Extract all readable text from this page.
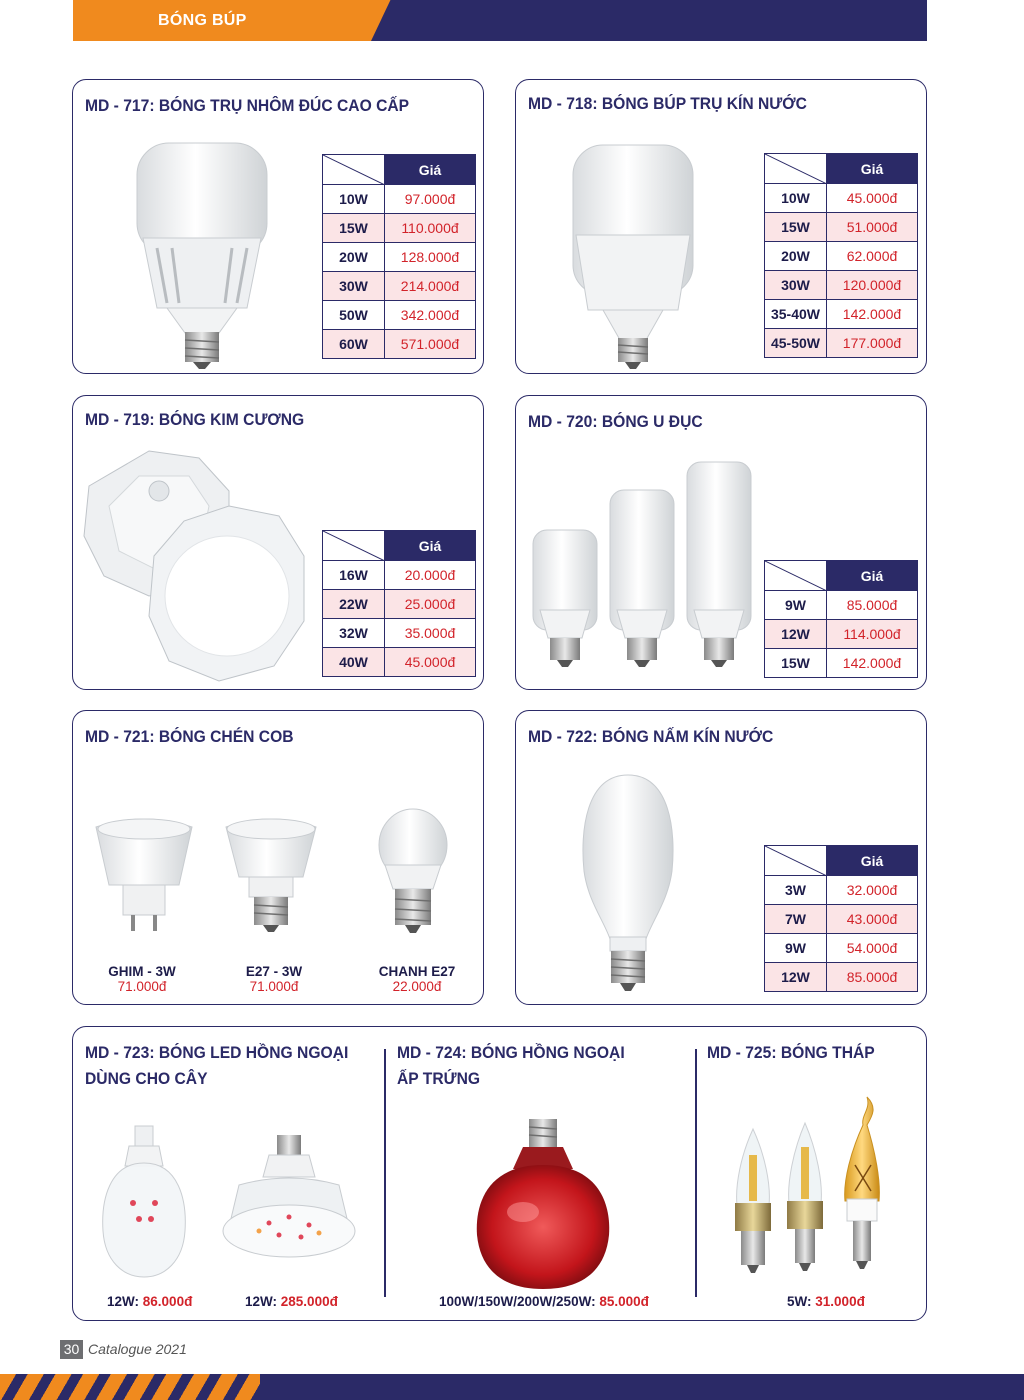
BÓNG BÚP
MD - 717: BÓNG TRỤ NHÔM ĐÚC CAO CẤP
	Giá
10W	97.000đ
15W	110.000đ
20W	128.000đ
30W	214.000đ
50W	342.000đ
60W	571.000đ
MD - 718: BÓNG BÚP TRỤ KÍN NƯỚC
	Giá
10W	45.000đ
15W	51.000đ
20W	62.000đ
30W	120.000đ
35-40W	142.000đ
45-50W	177.000đ
MD - 719: BÓNG KIM CƯƠNG
	Giá
16W	20.000đ
22W	25.000đ
32W	35.000đ
40W	45.000đ
MD - 720: BÓNG U ĐỤC
	Giá
9W	85.000đ
12W	114.000đ
15W	142.000đ
MD - 721: BÓNG CHÉN COB
GHIM - 3W
71.000đ
E27 - 3W
71.000đ
CHANH E27
22.000đ
MD - 722: BÓNG NẤM KÍN NƯỚC
	Giá
3W	32.000đ
7W	43.000đ
9W	54.000đ
12W	85.000đ
MD - 723: BÓNG LED HỒNG NGOẠI
DÙNG CHO CÂY
12W: 86.000đ	12W: 285.000đ
MD - 724: BÓNG HỒNG NGOẠI
ẤP TRỨNG
100W/150W/200W/250W: 85.000đ
MD - 725: BÓNG THÁP
5W: 31.000đ
30 Catalogue 2021
